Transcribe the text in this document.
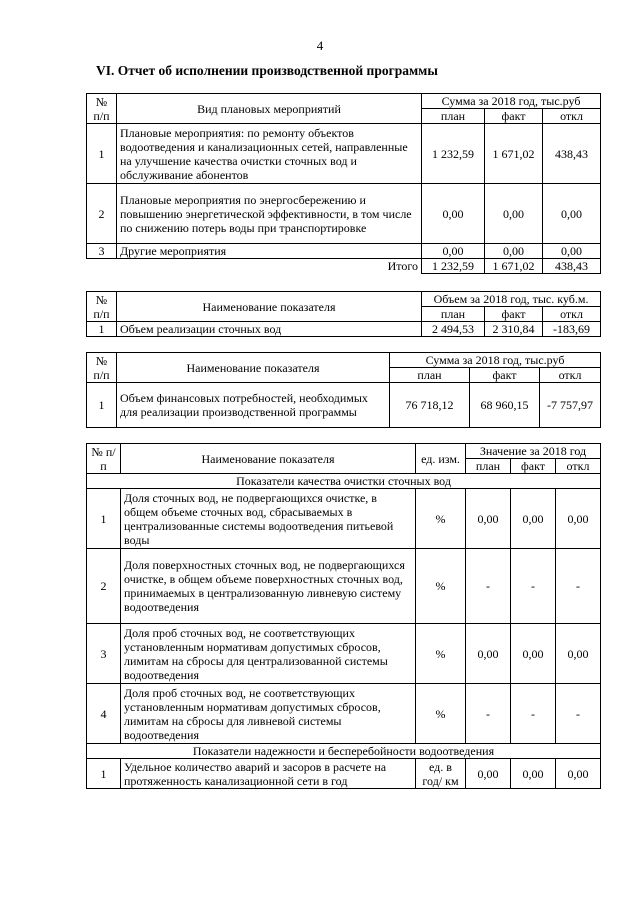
4
VI. Отчет об исполнении производственной программы
№ п/п	Вид плановых мероприятий	Сумма за 2018 год, тыс.руб		
		план	факт	откл
1	Плановые мероприятия: по ремонту объектов водоотведения и канализационных сетей, направленные на улучшение качества очистки сточных вод и обслуживание абонентов	1 232,59	1 671,02	438,43
2	Плановые мероприятия по энергосбережению и повышению энергетической эффективности, в том числе по снижению потерь воды при транспортировке	0,00	0,00	0,00
3	Другие мероприятия	0,00	0,00	0,00
Итого		1 232,59	1 671,02	438,43
№ п/п	Наименование показателя	Объем за 2018 год, тыс. куб.м.		
		план	факт	откл
1	Объем реализации сточных вод	2 494,53	2 310,84	-183,69
№ п/п	Наименование показателя	Сумма за 2018 год, тыс.руб		
		план	факт	откл
1	Объем финансовых потребностей, необходимых для реализации производственной программы	76 718,12	68 960,15	-7 757,97
№ п/п	Наименование показателя	ед. изм.	Значение за 2018 год		
			план	факт	откл
Показатели качества очистки сточных вод					
1	Доля сточных вод, не подвергающихся очистке, в общем объеме сточных вод, сбрасываемых в централизованные системы водоотведения питьевой воды	%	0,00	0,00	0,00
2	Доля поверхностных сточных вод, не подвергающихся очистке, в общем объеме поверхностных сточных вод, принимаемых в централизованную ливневую систему водоотведения	%	-	-	-
3	Доля проб сточных вод, не соответствующих установленным нормативам допустимых сбросов, лимитам на сбросы для централизованной системы водоотведения	%	0,00	0,00	0,00
4	Доля проб сточных вод, не соответствующих установленным нормативам допустимых сбросов, лимитам на сбросы для ливневой системы водоотведения	%	-	-	-
Показатели надежности и бесперебойности водоотведения					
1	Удельное количество аварий и засоров в расчете на протяженность канализационной сети в год	ед. в год/ км	0,00	0,00	0,00
